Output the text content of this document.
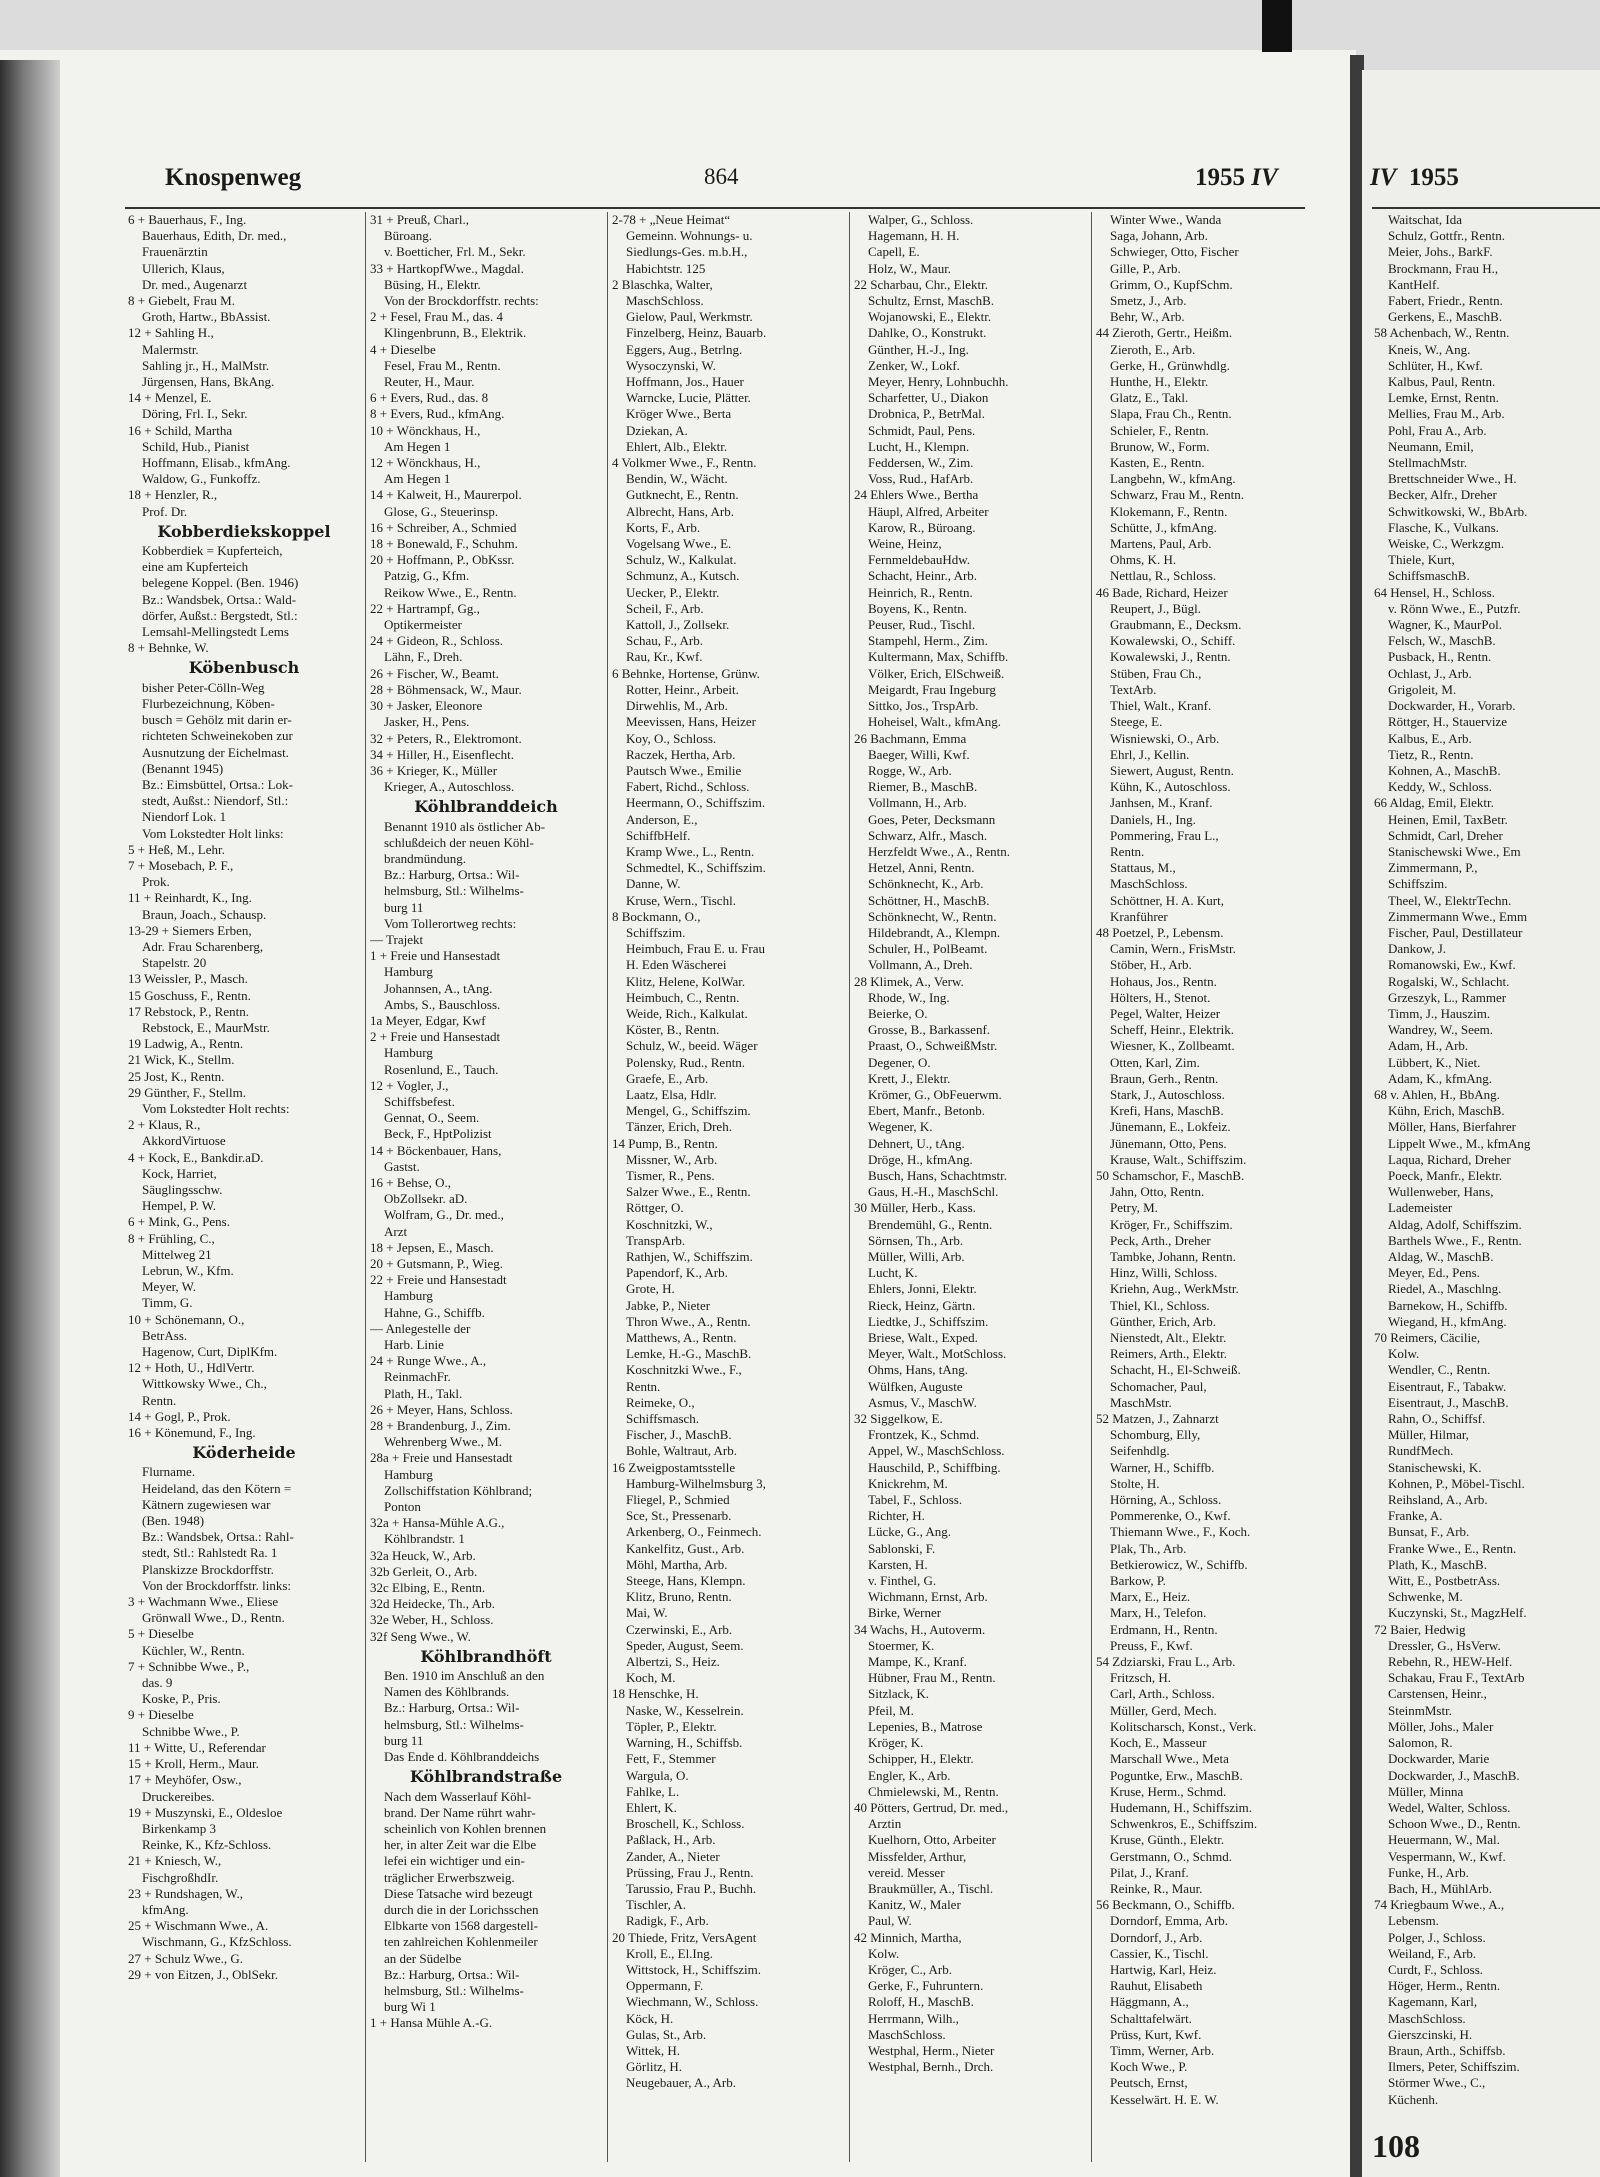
Knospenweg	864	1955 IV	IV 1955
6 + Bauerhaus, F., Ing.
Bauerhaus, Edith, Dr. med.,
Frauenärztin
Ullerich, Klaus,
Dr. med., Augenarzt
8 + Giebelt, Frau M.
Groth, Hartw., BbAssist.
12 + Sahling H.,
Malermstr.
Sahling jr., H., MalMstr.
Jürgensen, Hans, BkAng.
14 + Menzel, E.
Döring, Frl. I., Sekr.
16 + Schild, Martha
Schild, Hub., Pianist
Hoffmann, Elisab., kfmAng.
Waldow, G., Funkoffz.
18 + Henzler, R.,
Prof. Dr.
Kobberdiekskoppel
Kobberdiek = Kupferteich,
eine am Kupferteich
belegene Koppel. (Ben. 1946)
Bz.: Wandsbek, Ortsa.: Wald-
dörfer, Außst.: Bergstedt, Stl.:
Lemsahl-Mellingstedt Lems
8 + Behnke, W.
Köbenbusch
bisher Peter-Cölln-Weg
Flurbezeichnung, Köben-
busch = Gehölz mit darin er-
richteten Schweinekoben zur
Ausnutzung der Eichelmast.
(Benannt 1945)
Bz.: Eimsbüttel, Ortsa.: Lok-
stedt, Außst.: Niendorf, Stl.:
Niendorf Lok. 1
Vom Lokstedter Holt links:
5 + Heß, M., Lehr.
7 + Mosebach, P. F.,
Prok.
11 + Reinhardt, K., Ing.
Braun, Joach., Schausp.
13-29 + Siemers Erben,
Adr. Frau Scharenberg,
Stapelstr. 20
13 Weissler, P., Masch.
15 Goschuss, F., Rentn.
17 Rebstock, P., Rentn.
Rebstock, E., MaurMstr.
19 Ladwig, A., Rentn.
21 Wick, K., Stellm.
25 Jost, K., Rentn.
29 Günther, F., Stellm.
Vom Lokstedter Holt rechts:
2 + Klaus, R.,
AkkordVirtuose
4 + Kock, E., Bankdir.aD.
Kock, Harriet,
Säuglingsschw.
Hempel, P. W.
6 + Mink, G., Pens.
8 + Frühling, C.,
Mittelweg 21
Lebrun, W., Kfm.
Meyer, W.
Timm, G.
10 + Schönemann, O.,
BetrAss.
Hagenow, Curt, DiplKfm.
12 + Hoth, U., HdlVertr.
Wittkowsky Wwe., Ch.,
Rentn.
14 + Gogl, P., Prok.
16 + Könemund, F., Ing.
Köderheide
Flurname.
Heideland, das den Kötern =
Kätnern zugewiesen war
(Ben. 1948)
Bz.: Wandsbek, Ortsa.: Rahl-
stedt, Stl.: Rahlstedt Ra. 1
Planskizze Brockdorffstr.
Von der Brockdorffstr. links:
3 + Wachmann Wwe., Eliese
Grönwall Wwe., D., Rentn.
5 + Dieselbe
Küchler, W., Rentn.
7 + Schnibbe Wwe., P.,
das. 9
Koske, P., Pris.
9 + Dieselbe
Schnibbe Wwe., P.
11 + Witte, U., Referendar
15 + Kroll, Herm., Maur.
17 + Meyhöfer, Osw.,
Druckereibes.
19 + Muszynski, E., Oldesloe
Birkenkamp 3
Reinke, K., Kfz-Schloss.
21 + Kniesch, W.,
FischgroßhdIr.
23 + Rundshagen, W.,
kfmAng.
25 + Wischmann Wwe., A.
Wischmann, G., KfzSchloss.
27 + Schulz Wwe., G.
29 + von Eitzen, J., OblSekr.
31 + Preuß, Charl.,
Büroang.
v. Boetticher, Frl. M., Sekr.
33 + HartkopfWwe., Magdal.
Büsing, H., Elektr.
Von der Brockdorffstr. rechts:
2 + Fesel, Frau M., das. 4
Klingenbrunn, B., Elektrik.
4 + Dieselbe
Fesel, Frau M., Rentn.
Reuter, H., Maur.
6 + Evers, Rud., das. 8
8 + Evers, Rud., kfmAng.
10 + Wönckhaus, H.,
Am Hegen 1
12 + Wönckhaus, H.,
Am Hegen 1
14 + Kalweit, H., Maurerpol.
Glose, G., Steuerinsp.
16 + Schreiber, A., Schmied
18 + Bonewald, F., Schuhm.
20 + Hoffmann, P., ObKssr.
Patzig, G., Kfm.
Reikow Wwe., E., Rentn.
22 + Hartrampf, Gg.,
Optikermeister
24 + Gideon, R., Schloss.
Lähn, F., Dreh.
26 + Fischer, W., Beamt.
28 + Böhmensack, W., Maur.
30 + Jasker, Eleonore
Jasker, H., Pens.
32 + Peters, R., Elektromont.
34 + Hiller, H., Eisenflecht.
36 + Krieger, K., Müller
Krieger, A., Autoschloss.
Köhlbranddeich
Benannt 1910 als östlicher Ab-
schlußdeich der neuen Köhl-
brandmündung.
Bz.: Harburg, Ortsa.: Wil-
helmsburg, Stl.: Wilhelms-
burg 11
Vom Tollerortweg rechts:
— Trajekt
1 + Freie und Hansestadt
Hamburg
Johannsen, A., tAng.
Ambs, S., Bauschloss.
1a Meyer, Edgar, Kwf
2 + Freie und Hansestadt
Hamburg
Rosenlund, E., Tauch.
12 + Vogler, J.,
Schiffsbefest.
Gennat, O., Seem.
Beck, F., HptPolizist
14 + Böckenbauer, Hans,
Gastst.
16 + Behse, O.,
ObZollsekr. aD.
Wolfram, G., Dr. med.,
Arzt
18 + Jepsen, E., Masch.
20 + Gutsmann, P., Wieg.
22 + Freie und Hansestadt
Hamburg
Hahne, G., Schiffb.
— Anlegestelle der
Harb. Linie
24 + Runge Wwe., A.,
ReinmachFr.
Plath, H., Takl.
26 + Meyer, Hans, Schloss.
28 + Brandenburg, J., Zim.
Wehrenberg Wwe., M.
28a + Freie und Hansestadt
Hamburg
Zollschiffstation Köhlbrand;
Ponton
32a + Hansa-Mühle A.G.,
Köhlbrandstr. 1
32a Heuck, W., Arb.
32b Gerleit, O., Arb.
32c Elbing, E., Rentn.
32d Heidecke, Th., Arb.
32e Weber, H., Schloss.
32f Seng Wwe., W.
Köhlbrandhöft
Ben. 1910 im Anschluß an den
Namen des Köhlbrands.
Bz.: Harburg, Ortsa.: Wil-
helmsburg, Stl.: Wilhelms-
burg 11
Das Ende d. Köhlbranddeichs
Köhlbrandstraße
Nach dem Wasserlauf Köhl-
brand. Der Name rührt wahr-
scheinlich von Kohlen brennen
her, in alter Zeit war die Elbe
lefei ein wichtiger und ein-
träglicher Erwerbszweig.
Diese Tatsache wird bezeugt
durch die in der Lorichsschen
Elbkarte von 1568 dargestell-
ten zahlreichen Kohlenmeiler
an der Südelbe
Bz.: Harburg, Ortsa.: Wil-
helmsburg, Stl.: Wilhelms-
burg Wi 1
1 + Hansa Mühle A.-G.
2-78 + „Neue Heimat“
Gemeinn. Wohnungs- u.
Siedlungs-Ges. m.b.H.,
Habichtstr. 125
2 Blaschka, Walter,
MaschSchloss.
Gielow, Paul, Werkmstr.
Finzelberg, Heinz, Bauarb.
Eggers, Aug., Betrlng.
Wysoczynski, W.
Hoffmann, Jos., Hauer
Warncke, Lucie, Plätter.
Kröger Wwe., Berta
Dziekan, A.
Ehlert, Alb., Elektr.
4 Volkmer Wwe., F., Rentn.
Bendin, W., Wächt.
Gutknecht, E., Rentn.
Albrecht, Hans, Arb.
Korts, F., Arb.
Vogelsang Wwe., E.
Schulz, W., Kalkulat.
Schmunz, A., Kutsch.
Uecker, P., Elektr.
Scheil, F., Arb.
Kattoll, J., Zollsekr.
Schau, F., Arb.
Rau, Kr., Kwf.
6 Behnke, Hortense, Grünw.
Rotter, Heinr., Arbeit.
Dirwehlis, M., Arb.
Meevissen, Hans, Heizer
Koy, O., Schloss.
Raczek, Hertha, Arb.
Pautsch Wwe., Emilie
Fabert, Richd., Schloss.
Heermann, O., Schiffszim.
Anderson, E.,
SchiffbHelf.
Kramp Wwe., L., Rentn.
Schmedtel, K., Schiffszim.
Danne, W.
Kruse, Wern., Tischl.
8 Bockmann, O.,
Schiffszim.
Heimbuch, Frau E. u. Frau
H. Eden Wäscherei
Klitz, Helene, KolWar.
Heimbuch, C., Rentn.
Weide, Rich., Kalkulat.
Köster, B., Rentn.
Schulz, W., beeid. Wäger
Polensky, Rud., Rentn.
Graefe, E., Arb.
Laatz, Elsa, Hdlr.
Mengel, G., Schiffszim.
Tänzer, Erich, Dreh.
14 Pump, B., Rentn.
Missner, W., Arb.
Tismer, R., Pens.
Salzer Wwe., E., Rentn.
Röttger, O.
Koschnitzki, W.,
TranspArb.
Rathjen, W., Schiffszim.
Papendorf, K., Arb.
Grote, H.
Jabke, P., Nieter
Thron Wwe., A., Rentn.
Matthews, A., Rentn.
Lemke, H.-G., MaschB.
Koschnitzki Wwe., F.,
Rentn.
Reimeke, O.,
Schiffsmasch.
Fischer, J., MaschB.
Bohle, Waltraut, Arb.
16 Zweigpostamtsstelle
Hamburg-Wilhelmsburg 3,
Fliegel, P., Schmied
Sce, St., Pressenarb.
Arkenberg, O., Feinmech.
Kankelfitz, Gust., Arb.
Möhl, Martha, Arb.
Steege, Hans, Klempn.
Klitz, Bruno, Rentn.
Mai, W.
Czerwinski, E., Arb.
Speder, August, Seem.
Albertzi, S., Heiz.
Koch, M.
18 Henschke, H.
Naske, W., Kesselrein.
Töpler, P., Elektr.
Warning, H., Schiffsb.
Fett, F., Stemmer
Wargula, O.
Fahlke, L.
Ehlert, K.
Broschell, K., Schloss.
Paßlack, H., Arb.
Zander, A., Nieter
Prüssing, Frau J., Rentn.
Tarussio, Frau P., Buchh.
Tischler, A.
Radigk, F., Arb.
20 Thiede, Fritz, VersAgent
Kroll, E., El.Ing.
Wittstock, H., Schiffszim.
Oppermann, F.
Wiechmann, W., Schloss.
Köck, H.
Gulas, St., Arb.
Wittek, H.
Görlitz, H.
Neugebauer, A., Arb.
Walper, G., Schloss.
Hagemann, H. H.
Capell, E.
Holz, W., Maur.
22 Scharbau, Chr., Elektr.
Schultz, Ernst, MaschB.
Wojanowski, E., Elektr.
Dahlke, O., Konstrukt.
Günther, H.-J., Ing.
Zenker, W., Lokf.
Meyer, Henry, Lohnbuchh.
Scharfetter, U., Diakon
Drobnica, P., BetrMal.
Schmidt, Paul, Pens.
Lucht, H., Klempn.
Feddersen, W., Zim.
Voss, Rud., HafArb.
24 Ehlers Wwe., Bertha
Häupl, Alfred, Arbeiter
Karow, R., Büroang.
Weine, Heinz,
FernmeldebauHdw.
Schacht, Heinr., Arb.
Heinrich, R., Rentn.
Boyens, K., Rentn.
Peuser, Rud., Tischl.
Stampehl, Herm., Zim.
Kultermann, Max, Schiffb.
Völker, Erich, ElSchweiß.
Meigardt, Frau Ingeburg
Sittko, Jos., TrspArb.
Hoheisel, Walt., kfmAng.
26 Bachmann, Emma
Baeger, Willi, Kwf.
Rogge, W., Arb.
Riemer, B., MaschB.
Vollmann, H., Arb.
Goes, Peter, Decksmann
Schwarz, Alfr., Masch.
Herzfeldt Wwe., A., Rentn.
Hetzel, Anni, Rentn.
Schönknecht, K., Arb.
Schöttner, H., MaschB.
Schönknecht, W., Rentn.
Hildebrandt, A., Klempn.
Schuler, H., PolBeamt.
Vollmann, A., Dreh.
28 Klimek, A., Verw.
Rhode, W., Ing.
Beierke, O.
Grosse, B., Barkassenf.
Praast, O., SchweißMstr.
Degener, O.
Krett, J., Elektr.
Krömer, G., ObFeuerwm.
Ebert, Manfr., Betonb.
Wegener, K.
Dehnert, U., tAng.
Dröge, H., kfmAng.
Busch, Hans, Schachtmstr.
Gaus, H.-H., MaschSchl.
30 Müller, Herb., Kass.
Brendemühl, G., Rentn.
Sörnsen, Th., Arb.
Müller, Willi, Arb.
Lucht, K.
Ehlers, Jonni, Elektr.
Rieck, Heinz, Gärtn.
Liedtke, J., Schiffszim.
Briese, Walt., Exped.
Meyer, Walt., MotSchloss.
Ohms, Hans, tAng.
Wülfken, Auguste
Asmus, V., MaschW.
32 Siggelkow, E.
Frontzek, K., Schmd.
Appel, W., MaschSchloss.
Hauschild, P., Schiffbing.
Knickrehm, M.
Tabel, F., Schloss.
Richter, H.
Lücke, G., Ang.
Sablonski, F.
Karsten, H.
v. Finthel, G.
Wichmann, Ernst, Arb.
Birke, Werner
34 Wachs, H., Autoverm.
Stoermer, K.
Mampe, K., Kranf.
Hübner, Frau M., Rentn.
Sitzlack, K.
Pfeil, M.
Lepenies, B., Matrose
Kröger, K.
Schipper, H., Elektr.
Engler, K., Arb.
Chmielewski, M., Rentn.
40 Pötters, Gertrud, Dr. med.,
Arztin
Kuelhorn, Otto, Arbeiter
Missfelder, Arthur,
vereid. Messer
Braukmüller, A., Tischl.
Kanitz, W., Maler
Paul, W.
42 Minnich, Martha,
Kolw.
Kröger, C., Arb.
Gerke, F., Fuhruntern.
Roloff, H., MaschB.
Herrmann, Wilh.,
MaschSchloss.
Westphal, Herm., Nieter
Westphal, Bernh., Drch.
Winter Wwe., Wanda
Saga, Johann, Arb.
Schwieger, Otto, Fischer
Gille, P., Arb.
Grimm, O., KupfSchm.
Smetz, J., Arb.
Behr, W., Arb.
44 Zieroth, Gertr., Heißm.
Zieroth, E., Arb.
Gerke, H., Grünwhdlg.
Hunthe, H., Elektr.
Glatz, E., Takl.
Slapa, Frau Ch., Rentn.
Schieler, F., Rentn.
Brunow, W., Form.
Kasten, E., Rentn.
Langbehn, W., kfmAng.
Schwarz, Frau M., Rentn.
Klokemann, F., Rentn.
Schütte, J., kfmAng.
Martens, Paul, Arb.
Ohms, K. H.
Nettlau, R., Schloss.
46 Bade, Richard, Heizer
Reupert, J., Bügl.
Graubmann, E., Decksm.
Kowalewski, O., Schiff.
Kowalewski, J., Rentn.
Stüben, Frau Ch.,
TextArb.
Thiel, Walt., Kranf.
Steege, E.
Wisniewski, O., Arb.
Ehrl, J., Kellin.
Siewert, August, Rentn.
Kühn, K., Autoschloss.
Janhsen, M., Kranf.
Daniels, H., Ing.
Pommering, Frau L.,
Rentn.
Stattaus, M.,
MaschSchloss.
Schöttner, H. A. Kurt,
Kranführer
48 Poetzel, P., Lebensm.
Camin, Wern., FrisMstr.
Stöber, H., Arb.
Hohaus, Jos., Rentn.
Hölters, H., Stenot.
Pegel, Walter, Heizer
Scheff, Heinr., Elektrik.
Wiesner, K., Zollbeamt.
Otten, Karl, Zim.
Braun, Gerh., Rentn.
Stark, J., Autoschloss.
Krefi, Hans, MaschB.
Jünemann, E., Lokfeiz.
Jünemann, Otto, Pens.
Krause, Walt., Schiffszim.
50 Schamschor, F., MaschB.
Jahn, Otto, Rentn.
Petry, M.
Kröger, Fr., Schiffszim.
Peck, Arth., Dreher
Tambke, Johann, Rentn.
Hinz, Willi, Schloss.
Kriehn, Aug., WerkMstr.
Thiel, Kl., Schloss.
Günther, Erich, Arb.
Nienstedt, Alt., Elektr.
Reimers, Arth., Elektr.
Schacht, H., El-Schweiß.
Schomacher, Paul,
MaschMstr.
52 Matzen, J., Zahnarzt
Schomburg, Elly,
Seifenhdlg.
Warner, H., Schiffb.
Stolte, H.
Hörning, A., Schloss.
Pommerenke, O., Kwf.
Thiemann Wwe., F., Koch.
Plak, Th., Arb.
Betkierowicz, W., Schiffb.
Barkow, P.
Marx, E., Heiz.
Marx, H., Telefon.
Erdmann, H., Rentn.
Preuss, F., Kwf.
54 Zdziarski, Frau L., Arb.
Fritzsch, H.
Carl, Arth., Schloss.
Müller, Gerd, Mech.
Kolitscharsch, Konst., Verk.
Koch, E., Masseur
Marschall Wwe., Meta
Poguntke, Erw., MaschB.
Kruse, Herm., Schmd.
Hudemann, H., Schiffszim.
Schwenkros, E., Schiffszim.
Kruse, Günth., Elektr.
Gerstmann, O., Schmd.
Pilat, J., Kranf.
Reinke, R., Maur.
56 Beckmann, O., Schiffb.
Dorndorf, Emma, Arb.
Dorndorf, J., Arb.
Cassier, K., Tischl.
Hartwig, Karl, Heiz.
Rauhut, Elisabeth
Häggmann, A.,
Schalttafelwärt.
Prüss, Kurt, Kwf.
Timm, Werner, Arb.
Koch Wwe., P.
Peutsch, Ernst,
Kesselwärt. H. E. W.
Waitschat, Ida
Schulz, Gottfr., Rentn.
Meier, Johs., BarkF.
Brockmann, Frau H.,
KantHelf.
Fabert, Friedr., Rentn.
Gerkens, E., MaschB.
58 Achenbach, W., Rentn.
Kneis, W., Ang.
Schlüter, H., Kwf.
Kalbus, Paul, Rentn.
Lemke, Ernst, Rentn.
Mellies, Frau M., Arb.
Pohl, Frau A., Arb.
Neumann, Emil,
StellmachMstr.
Brettschneider Wwe., H.
Becker, Alfr., Dreher
Schwitkowski, W., BbArb.
Flasche, K., Vulkans.
Weiske, C., Werkzgm.
Thiele, Kurt,
SchiffsmaschB.
64 Hensel, H., Schloss.
v. Rönn Wwe., E., Putzfr.
Wagner, K., MaurPol.
Felsch, W., MaschB.
Pusback, H., Rentn.
Ochlast, J., Arb.
Grigoleit, M.
Dockwarder, H., Vorarb.
Röttger, H., Stauervize
Kalbus, E., Arb.
Tietz, R., Rentn.
Kohnen, A., MaschB.
Keddy, W., Schloss.
66 Aldag, Emil, Elektr.
Heinen, Emil, TaxBetr.
Schmidt, Carl, Dreher
Stanischewski Wwe., Em
Zimmermann, P.,
Schiffszim.
Theel, W., ElektrTechn.
Zimmermann Wwe., Emm
Fischer, Paul, Destillateur
Dankow, J.
Romanowski, Ew., Kwf.
Rogalski, W., Schlacht.
Grzeszyk, L., Rammer
Timm, J., Hauszim.
Wandrey, W., Seem.
Adam, H., Arb.
Lübbert, K., Niet.
Adam, K., kfmAng.
68 v. Ahlen, H., BbAng.
Kühn, Erich, MaschB.
Möller, Hans, Bierfahrer
Lippelt Wwe., M., kfmAng
Laqua, Richard, Dreher
Poeck, Manfr., Elektr.
Wullenweber, Hans,
Lademeister
Aldag, Adolf, Schiffszim.
Barthels Wwe., F., Rentn.
Aldag, W., MaschB.
Meyer, Ed., Pens.
Riedel, A., Maschlng.
Barnekow, H., Schiffb.
Wiegand, H., kfmAng.
70 Reimers, Cäcilie,
Kolw.
Wendler, C., Rentn.
Eisentraut, F., Tabakw.
Eisentraut, J., MaschB.
Rahn, O., Schiffsf.
Müller, Hilmar,
RundfMech.
Stanischewski, K.
Kohnen, P., Möbel-Tischl.
Reihsland, A., Arb.
Franke, A.
Bunsat, F., Arb.
Franke Wwe., E., Rentn.
Plath, K., MaschB.
Witt, E., PostbetrAss.
Schwenke, M.
Kuczynski, St., MagzHelf.
72 Baier, Hedwig
Dressler, G., HsVerw.
Rebehn, R., HEW-Helf.
Schakau, Frau F., TextArb
Carstensen, Heinr.,
SteinmMstr.
Möller, Johs., Maler
Salomon, R.
Dockwarder, Marie
Dockwarder, J., MaschB.
Müller, Minna
Wedel, Walter, Schloss.
Schoon Wwe., D., Rentn.
Heuermann, W., Mal.
Vespermann, W., Kwf.
Funke, H., Arb.
Bach, H., MühlArb.
74 Kriegbaum Wwe., A.,
Lebensm.
Polger, J., Schloss.
Weiland, F., Arb.
Curdt, F., Schloss.
Höger, Herm., Rentn.
Kagemann, Karl,
MaschSchloss.
Gierszcinski, H.
Braun, Arth., Schiffsb.
Ilmers, Peter, Schiffszim.
Störmer Wwe., C.,
Küchenh.
108
